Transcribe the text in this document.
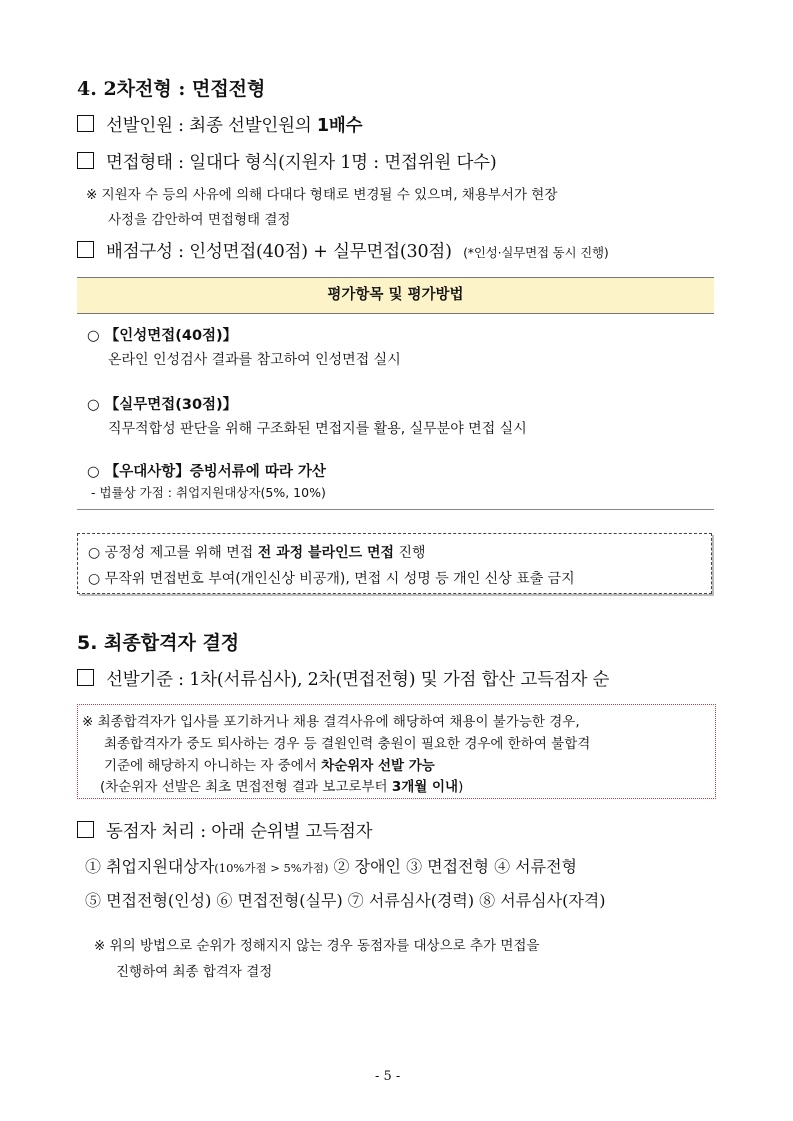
4. 2차전형 : 면접전형
선발인원 : 최종 선발인원의 1배수
면접형태 : 일대다 형식(지원자 1명 : 면접위원 다수)
※ 지원자 수 등의 사유에 의해 다대다 형태로 변경될 수 있으며, 채용부서가 현장
사정을 감안하여 면접형태 결정
배점구성 : 인성면접(40점) + 실무면접(30점) (*인성·실무면접 동시 진행)
평가항목 및 평가방법
○ 【인성면접(40점)】
온라인 인성검사 결과를 참고하여 인성면접 실시
○ 【실무면접(30점)】
직무적합성 판단을 위해 구조화된 면접지를 활용, 실무분야 면접 실시
○ 【우대사항】증빙서류에 따라 가산
- 법률상 가점 : 취업지원대상자(5%, 10%)
○ 공정성 제고를 위해 면접 전 과정 블라인드 면접 진행
○ 무작위 면접번호 부여(개인신상 비공개), 면접 시 성명 등 개인 신상 표출 금지
5. 최종합격자 결정
선발기준 : 1차(서류심사), 2차(면접전형) 및 가점 합산 고득점자 순
※ 최종합격자가 입사를 포기하거나 채용 결격사유에 해당하여 채용이 불가능한 경우,
최종합격자가 중도 퇴사하는 경우 등 결원인력 충원이 필요한 경우에 한하여 불합격
기준에 해당하지 아니하는 자 중에서 차순위자 선발 가능
(차순위자 선발은 최초 면접전형 결과 보고로부터 3개월 이내)
동점자 처리 : 아래 순위별 고득점자
① 취업지원대상자(10%가점 > 5%가점) ② 장애인 ③ 면접전형 ④ 서류전형
⑤ 면접전형(인성) ⑥ 면접전형(실무) ⑦ 서류심사(경력) ⑧ 서류심사(자격)
※ 위의 방법으로 순위가 정해지지 않는 경우 동점자를 대상으로 추가 면접을
진행하여 최종 합격자 결정
- 5 -
